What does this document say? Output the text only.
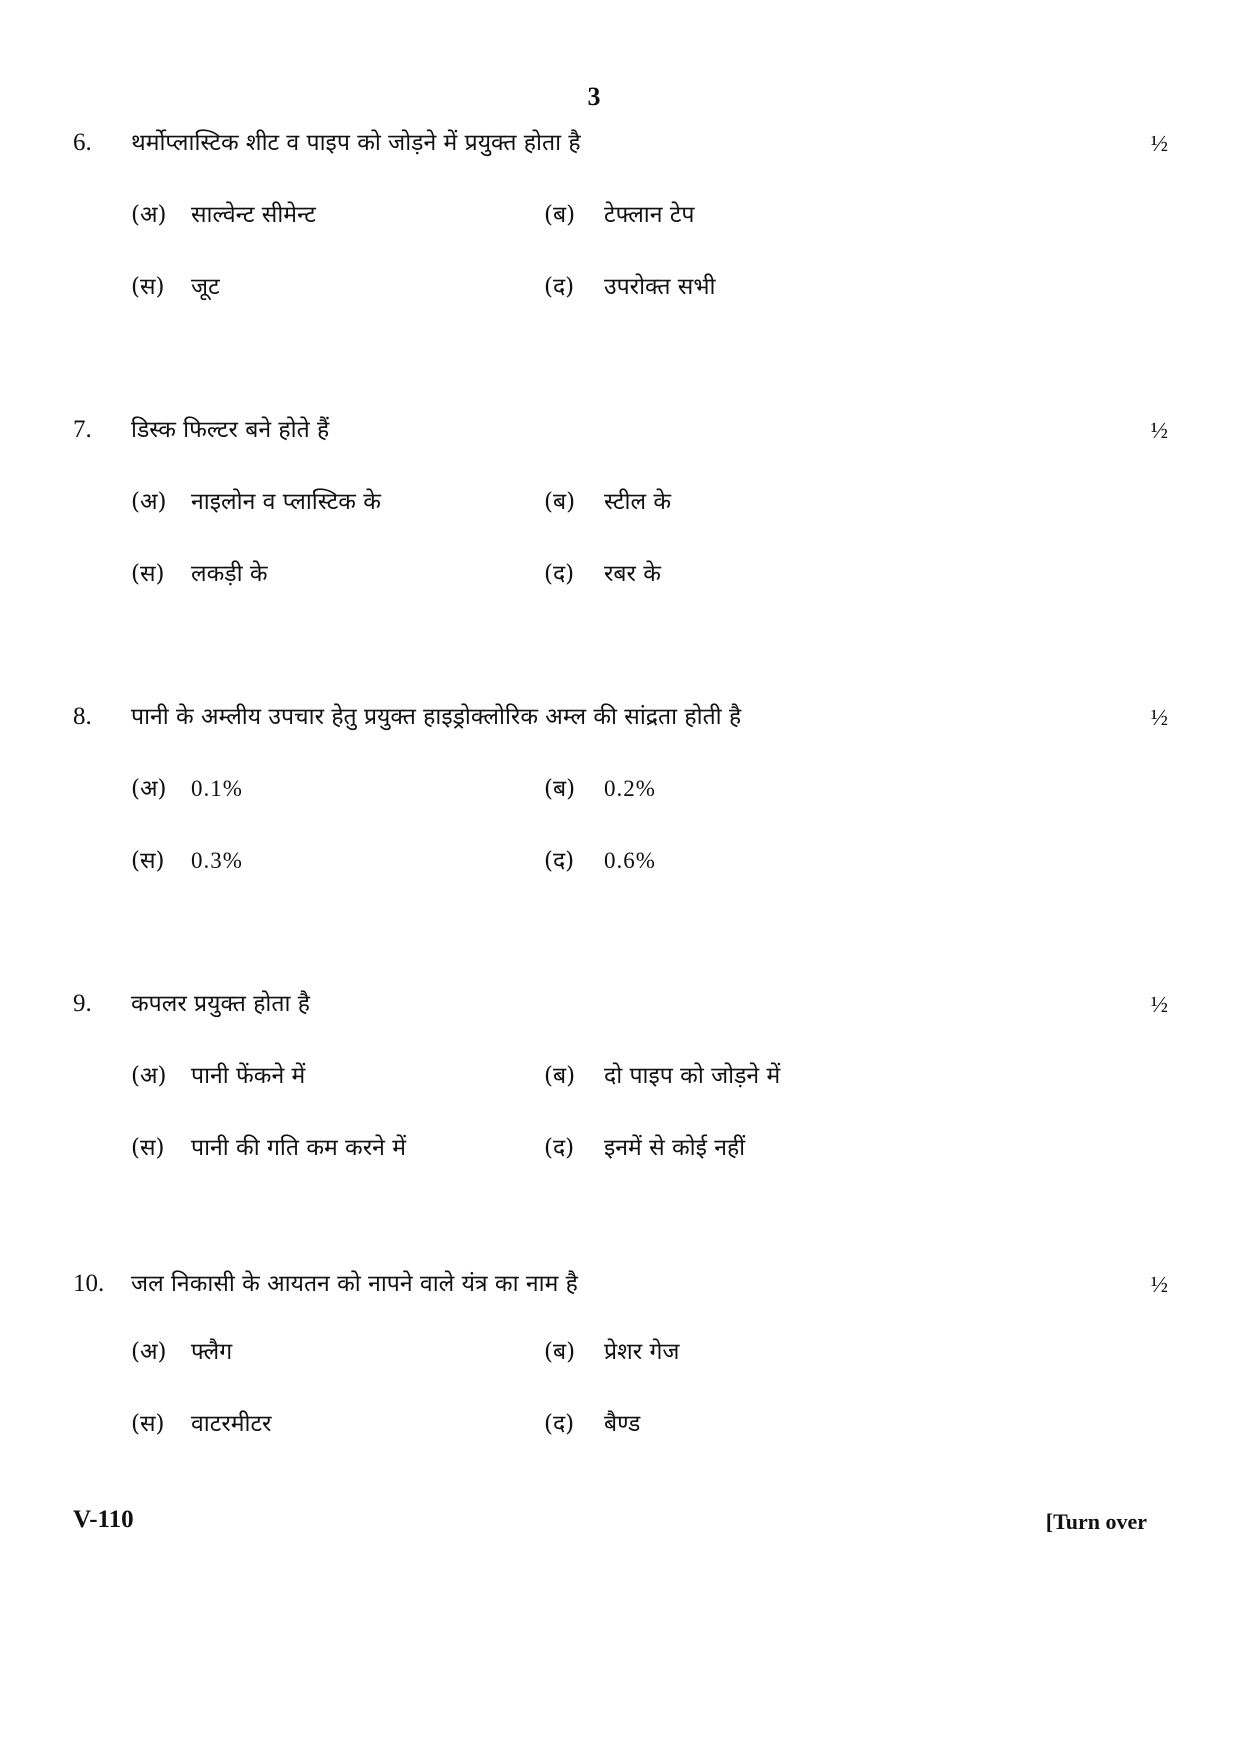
3
6. थर्मोप्लास्टिक शीट व पाइप को जोड़ने में प्रयुक्त होता है	½
(अ) साल्वेन्ट सीमेन्ट	(ब) टेफ्लान टेप
(स) जूट	(द) उपरोक्त सभी
7. डिस्क फिल्टर बने होते हैं	½
(अ) नाइलोन व प्लास्टिक के	(ब) स्टील के
(स) लकड़ी के	(द) रबर के
8. पानी के अम्लीय उपचार हेतु प्रयुक्त हाइड्रोक्लोरिक अम्ल की सांद्रता होती है	½
(अ) 0.1%	(ब) 0.2%
(स) 0.3%	(द) 0.6%
9. कपलर प्रयुक्त होता है	½
(अ) पानी फेंकने में	(ब) दो पाइप को जोड़ने में
(स) पानी की गति कम करने में	(द) इनमें से कोई नहीं
10. जल निकासी के आयतन को नापने वाले यंत्र का नाम है	½
(अ) फ्लैग	(ब) प्रेशर गेज
(स) वाटरमीटर	(द) बैण्ड
V-110	[Turn over
